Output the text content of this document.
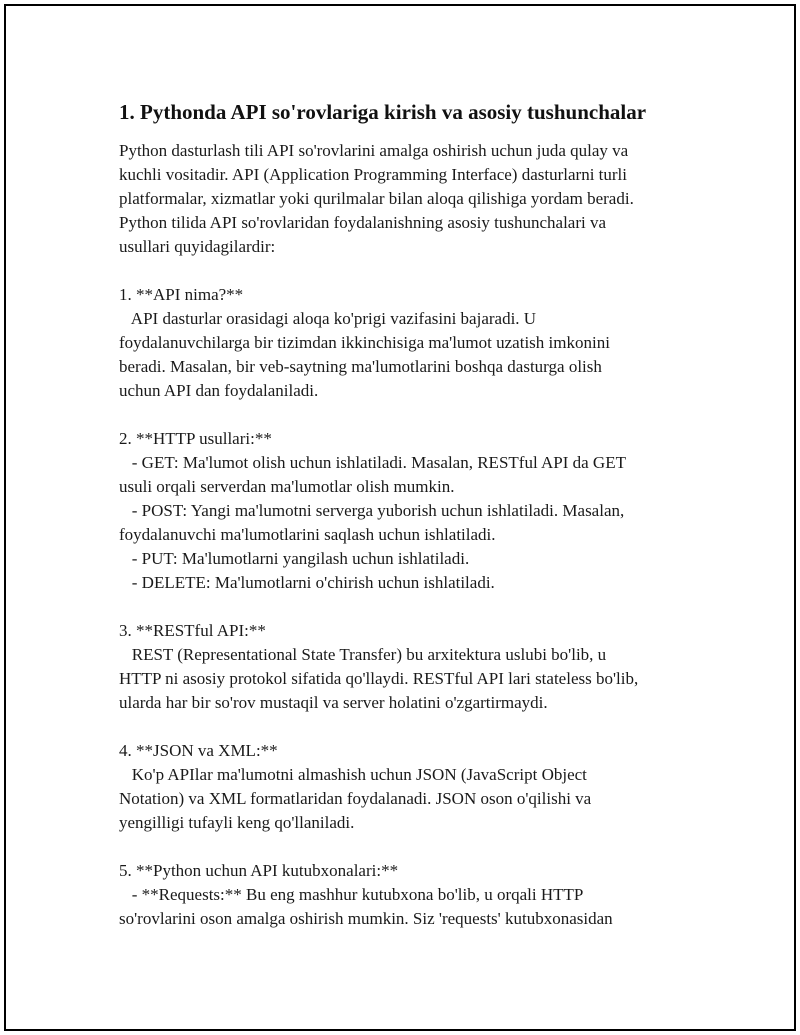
1. Pythonda API so'rovlariga kirish va asosiy tushunchalar

Python dasturlash tili API so'rovlarini amalga oshirish uchun juda qulay va
kuchli vositadir. API (Application Programming Interface) dasturlarni turli
platformalar, xizmatlar yoki qurilmalar bilan aloqa qilishiga yordam beradi.
Python tilida API so'rovlaridan foydalanishning asosiy tushunchalari va
usullari quyidagilardir:

1. **API nima?**
API dasturlar orasidagi aloqa ko'prigi vazifasini bajaradi. U
foydalanuvchilarga bir tizimdan ikkinchisiga ma'lumot uzatish imkonini
beradi. Masalan, bir veb-saytning ma'lumotlarini boshqa dasturga olish
uchun API dan foydalaniladi.

2. **HTTP usullari:**
- GET: Ma'lumot olish uchun ishlatiladi. Masalan, RESTful API da GET
usuli orqali serverdan ma'lumotlar olish mumkin.
- POST: Yangi ma'lumotni serverga yuborish uchun ishlatiladi. Masalan,
foydalanuvchi ma'lumotlarini saqlash uchun ishlatiladi.
- PUT: Ma'lumotlarni yangilash uchun ishlatiladi.
- DELETE: Ma'lumotlarni o'chirish uchun ishlatiladi.

3. **RESTful API:**
REST (Representational State Transfer) bu arxitektura uslubi bo'lib, u
HTTP ni asosiy protokol sifatida qo'llaydi. RESTful API lari stateless bo'lib,
ularda har bir so'rov mustaqil va server holatini o'zgartirmaydi.

4. **JSON va XML:**
Ko'p APIlar ma'lumotni almashish uchun JSON (JavaScript Object
Notation) va XML formatlaridan foydalanadi. JSON oson o'qilishi va
yengilligi tufayli keng qo'llaniladi.

5. **Python uchun API kutubxonalari:**
- **Requests:** Bu eng mashhur kutubxona bo'lib, u orqali HTTP
so'rovlarini oson amalga oshirish mumkin. Siz 'requests' kutubxonasidan
